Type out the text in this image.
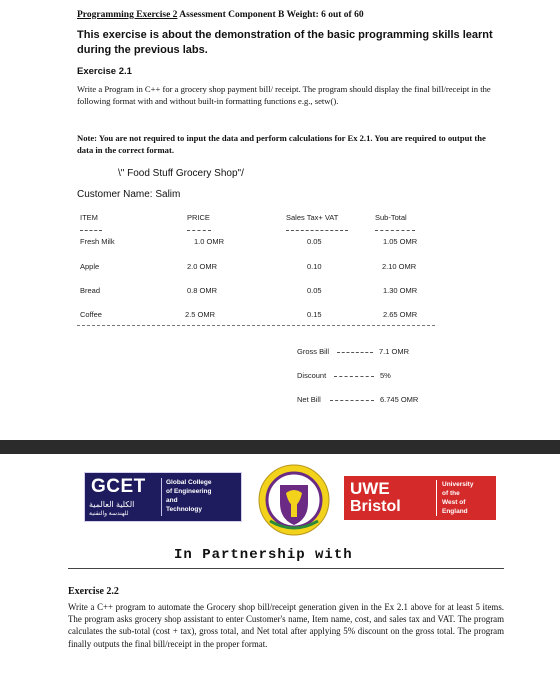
Programming Exercise 2 Assessment Component B Weight: 6 out of 60
This exercise is about the demonstration of the basic programming skills learnt during the previous labs.
Exercise 2.1
Write a Program in C++ for a grocery shop payment bill/ receipt. The program should display the final bill/receipt in the following format with and without built-in formatting functions e.g., setw().
Note: You are not required to input the data and perform calculations for Ex 2.1. You are required to output the data in the correct format.
\" Food Stuff Grocery Shop"/
Customer Name: Salim
ITEM	PRICE	Sales Tax+ VAT	Sub-Total
Fresh Milk	1.0 OMR	0.05	1.05 OMR
Apple	2.0 OMR	0.10	2.10 OMR
Bread	0.8 OMR	0.05	1.30 OMR
Coffee	2.5 OMR	0.15	2.65 OMR
Gross Bill	7.1 OMR
Discount	5%
Net Bill	6.745 OMR
GCET
الكلية العالمية
للهندسة والتقنية
Global College
of Engineering
and
Technology
UWE
Bristol
University
of the
West of
England
In Partnership with
Exercise 2.2
Write a C++ program to automate the Grocery shop bill/receipt generation given in the Ex 2.1 above for at least 5 items. The program asks grocery shop assistant to enter Customer's name, Item name, cost, and sales tax and VAT. The program calculates the sub-total (cost + tax), gross total, and Net total after applying 5% discount on the gross total. The program finally outputs the final bill/receipt in the proper format.
